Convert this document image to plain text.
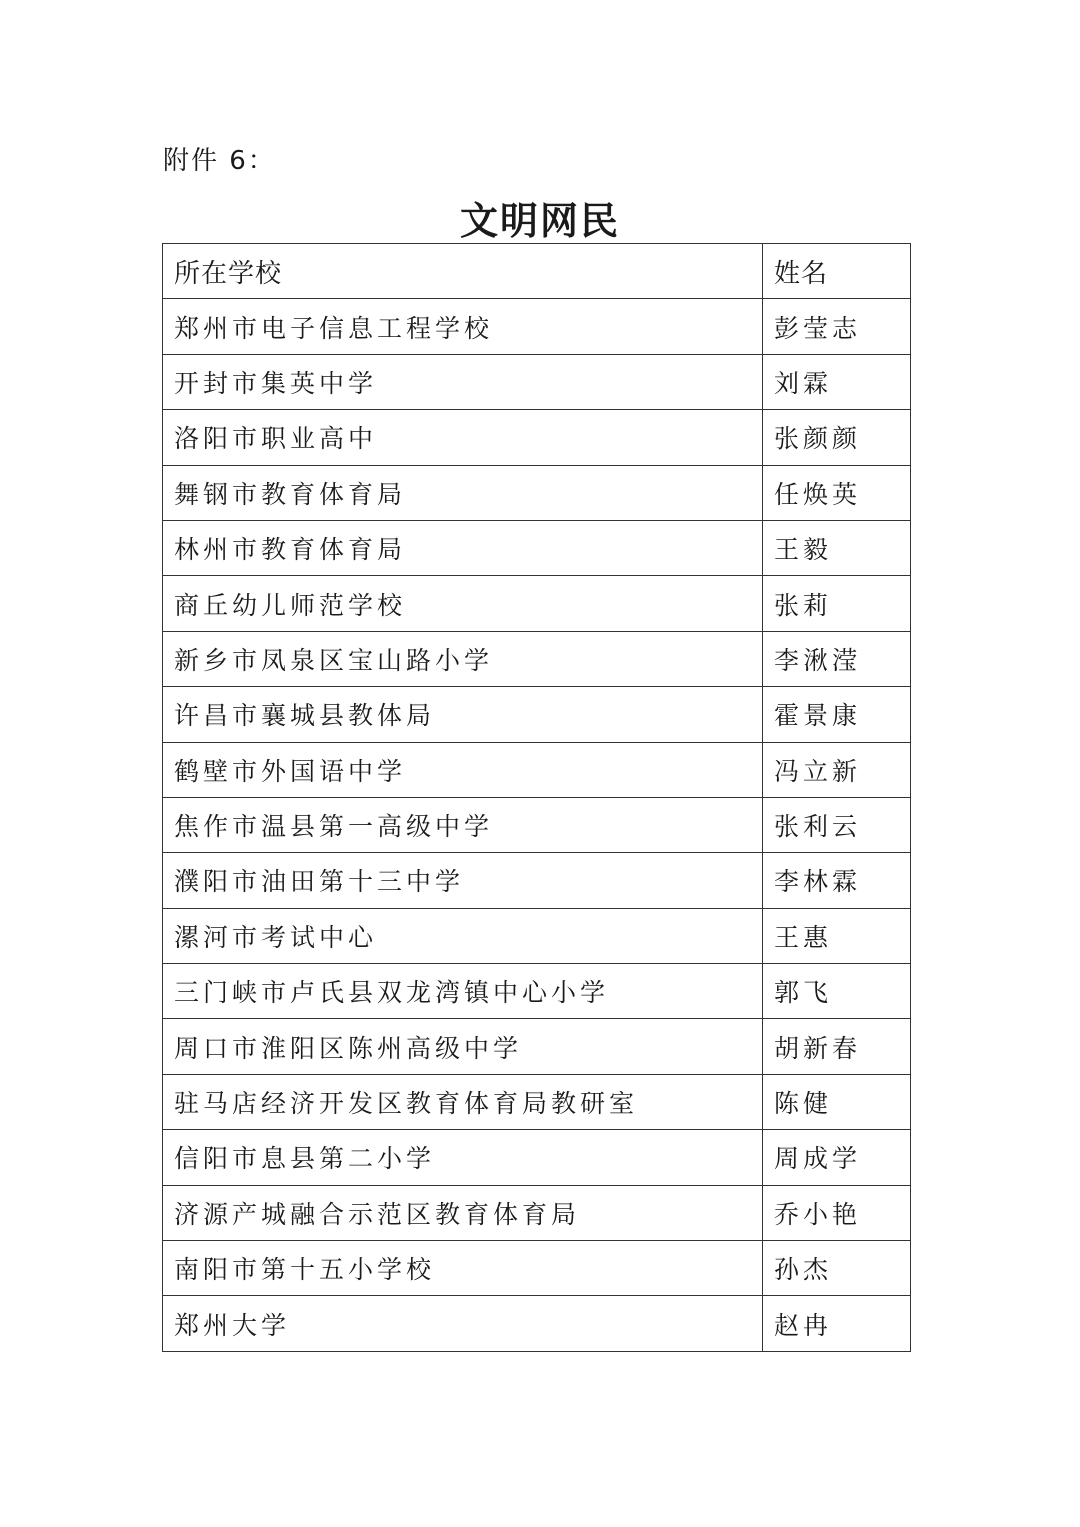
附件 6：
文明网民
所在学校	姓名
郑州市电子信息工程学校	彭莹志
开封市集英中学	刘霖
洛阳市职业高中	张颜颜
舞钢市教育体育局	任焕英
林州市教育体育局	王毅
商丘幼儿师范学校	张莉
新乡市凤泉区宝山路小学	李湫滢
许昌市襄城县教体局	霍景康
鹤壁市外国语中学	冯立新
焦作市温县第一高级中学	张利云
濮阳市油田第十三中学	李林霖
漯河市考试中心	王惠
三门峡市卢氏县双龙湾镇中心小学	郭飞
周口市淮阳区陈州高级中学	胡新春
驻马店经济开发区教育体育局教研室	陈健
信阳市息县第二小学	周成学
济源产城融合示范区教育体育局	乔小艳
南阳市第十五小学校	孙杰
郑州大学	赵冉
